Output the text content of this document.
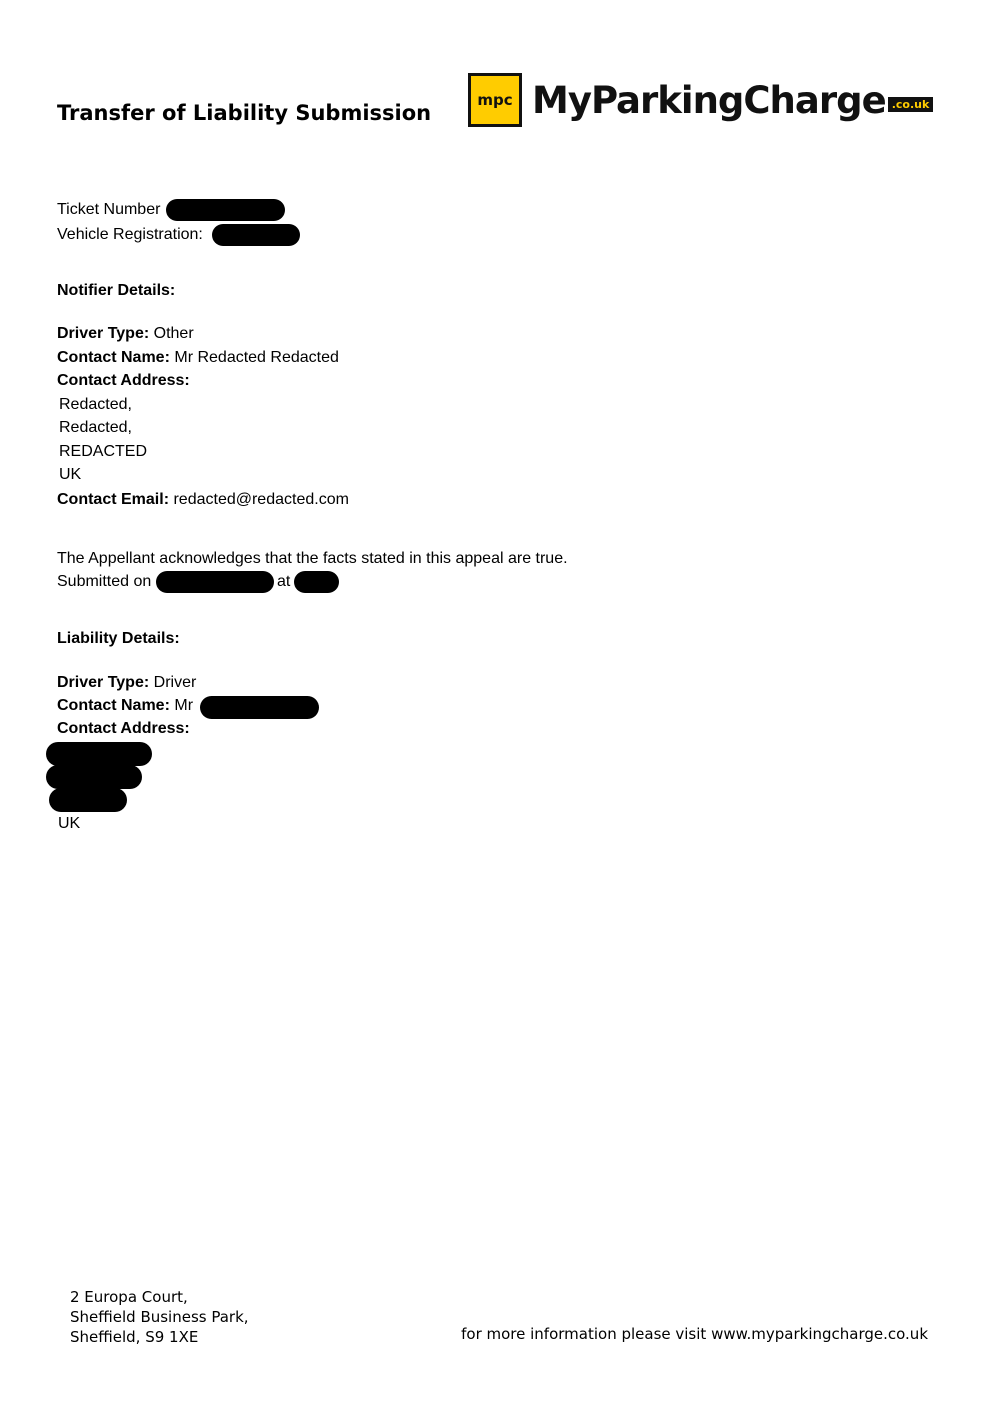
Transfer of Liability Submission
mpc MyParkingCharge .co.uk
Ticket Number
Vehicle Registration:
Notifier Details:
Driver Type: Other
Contact Name: Mr Redacted Redacted
Contact Address:
Redacted,
Redacted,
REDACTED
UK
Contact Email: redacted@redacted.com
The Appellant acknowledges that the facts stated in this appeal are true.
Submitted on	at
Liability Details:
Driver Type: Driver
Contact Name: Mr
Contact Address:
UK
2 Europa Court,
Sheffield Business Park,
Sheffield, S9 1XE	for more information please visit www.myparkingcharge.co.uk
